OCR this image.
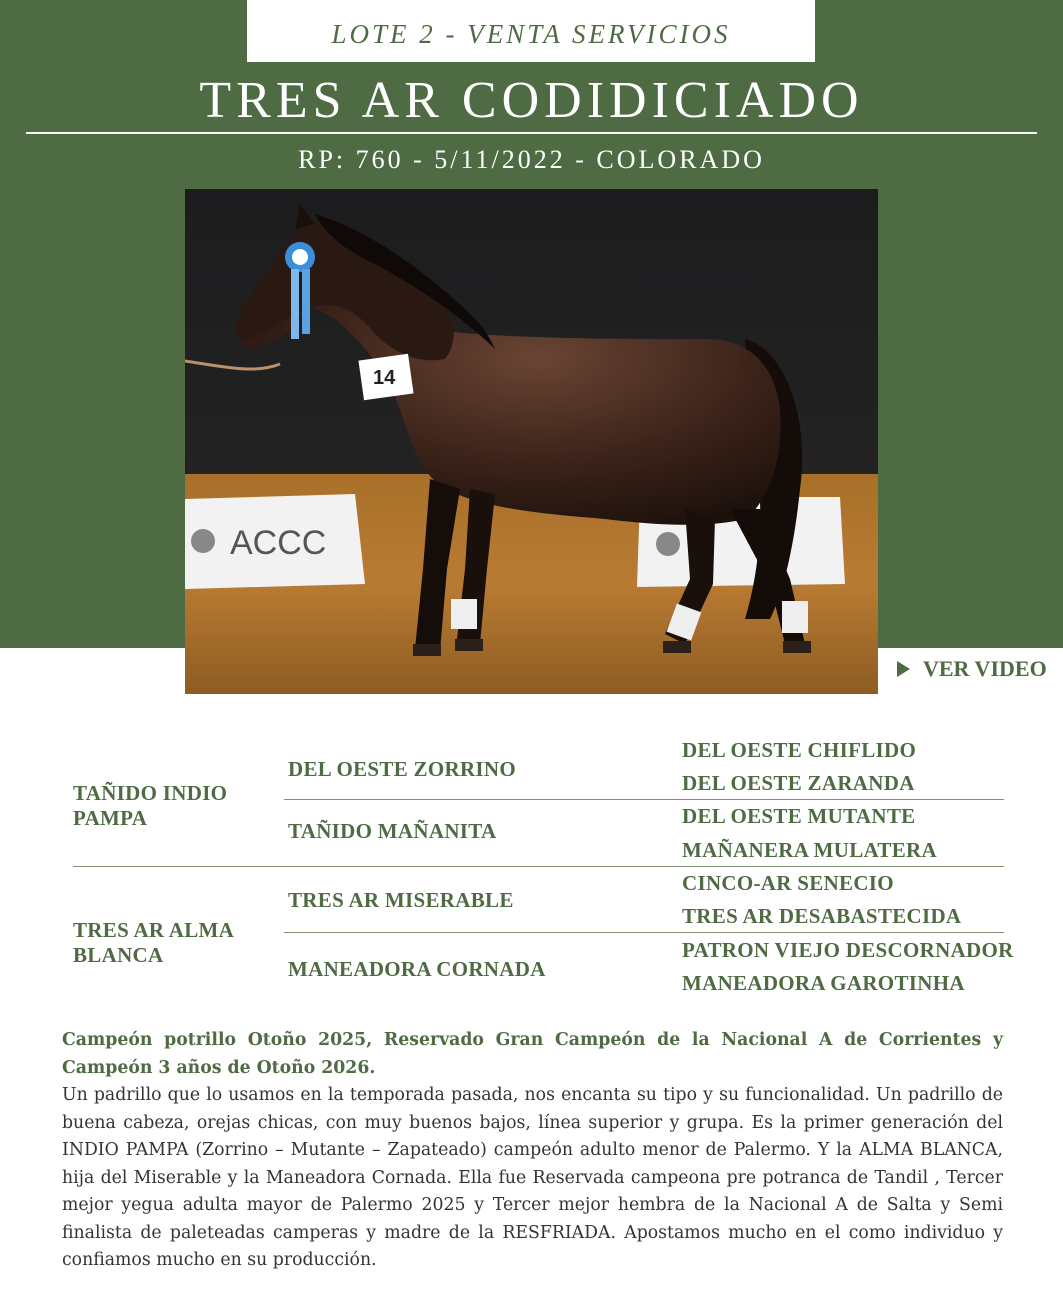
LOTE 2 - VENTA SERVICIOS
TRES AR CODIDICIADO
RP: 760 - 5/11/2022 - COLORADO
ACCC
14
VER VIDEO
TAÑIDO INDIO PAMPA
DEL OESTE ZORRINO
TAÑIDO MAÑANITA
DEL OESTE CHIFLIDO
DEL OESTE ZARANDA
DEL OESTE MUTANTE
MAÑANERA MULATERA
TRES AR ALMA BLANCA
TRES AR MISERABLE
MANEADORA CORNADA
CINCO-AR SENECIO
TRES AR DESABASTECIDA
PATRON VIEJO DESCORNADOR
MANEADORA GAROTINHA

Campeón potrillo Otoño 2025, Reservado Gran Campeón de la Nacional A de Corrientes y Campeón 3 años de Otoño 2026.

Un padrillo que lo usamos en la temporada pasada, nos encanta su tipo y su funcionalidad. Un padrillo de buena cabeza, orejas chicas, con muy buenos bajos, línea superior y grupa. Es la primer generación del INDIO PAMPA (Zorrino – Mutante – Zapateado) campeón adulto menor de Palermo. Y la ALMA BLANCA, hija del Miserable y la Maneadora Cornada. Ella fue Reservada campeona pre potranca de Tandil , Tercer mejor yegua adulta mayor de Palermo 2025 y Tercer mejor hembra de la Nacional A de Salta y Semi finalista de paleteadas camperas y madre de la RESFRIADA. Apostamos mucho en el como individuo y confiamos mucho en su producción.
